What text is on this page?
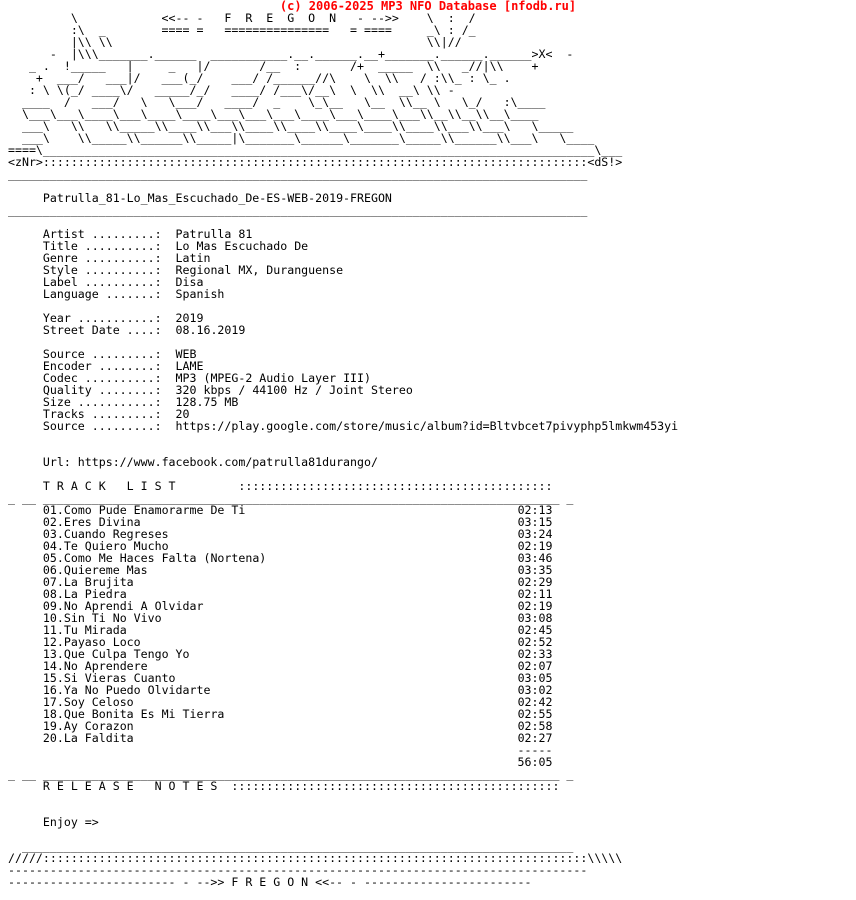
(c) 2006-2025 MP3 NFO Database [nfodb.ru]
\            <<-- -   F  R  E  G  O  N   - -->>    \  :  /
:\  _        ==== =   ===============   = ====     _\ : /_
|\\ \\                                             \\|//
-  |\\\_______.______  ___________.__.______.__+_______.______.______>X<  -
_ .  !_____   |     _   |/       /__  :       /+  _____  \\   _//|\\    +
+  ___/   ___|/   ___(_/    ___/ /______//\    \  \\   / :\\_ : \_ .
: \ \(_/ ____\/   _____/_/   ____/ /___\/__\  \  \\  __\ \\ -
____  /   ___/   \   \___/   ____/  _    \_\__   \__  \\__ \   \_/   :\____
\___\___\____\___\____\____\___\___\___\____\___\____\___\\__\\__\\__\____
___\   \\   \\_____\\____\\___\\____\\____\\____\____\\____\\___\\___\   \_____
___\    \\_____\\______\\_____|\_______\______\_______\_____\\______\\___\   \____
====\_______________________________________________________________________________\___
<zNr>::::::::::::::::::::::::::::::::::::::::::::::::::::::::::::::::::::::::::::::<dS!>
___________________________________________________________________________________

Patrulla_81-Lo_Mas_Escuchado_De-ES-WEB-2019-FREGON
___________________________________________________________________________________

Artist .........: Patrulla 81
Title ..........: Lo Mas Escuchado De
Genre ..........: Latin
Style ..........: Regional MX, Duranguense
Label ..........: Disa
Language .......: Spanish

Year ...........: 2019
Street Date ....: 08.16.2019

Source .........: WEB
Encoder ........: LAME
Codec ..........: MP3 (MPEG-2 Audio Layer III)
Quality ........: 320 kbps / 44100 Hz / Joint Stereo
Size ...........: 128.75 MB
Tracks .........: 20
Source .........: https://play.google.com/store/music/album?id=Bltvbcet7pivyphp5lmkwm453yi

Url: https://www.facebook.com/patrulla81durango/

T R A C K   L I S T	:::::::::::::::::::::::::::::::::::::::::::::
_ __ __________________________________________________________________________ _
01.Como Pude Enamorarme De Ti	02:13
02.Eres Divina	03:15
03.Cuando Regreses	03:24
04.Te Quiero Mucho	02:19
05.Como Me Haces Falta (Nortena)	03:46
06.Quiereme Mas	03:35
07.La Brujita	02:29
08.La Piedra	02:11
09.No Aprendi A Olvidar	02:19
10.Sin Ti No Vivo	03:08
11.Tu Mirada	02:45
12.Payaso Loco	02:52
13.Que Culpa Tengo Yo	02:33
14.No Aprendere	02:07
15.Si Vieras Cuanto	03:05
16.Ya No Puedo Olvidarte	03:02
17.Soy Celoso	02:42
18.Que Bonita Es Mi Tierra	02:55
19.Ay Corazon	02:58
20.La Faldita	02:27
-----
56:05
_ __ __________________________________________________________________________ _
R E L E A S E   N O T E S :::::::::::::::::::::::::::::::::::::::::::::::

Enjoy =>

_______________________________________________________________________________
/////::::::::::::::::::::::::::::::::::::::::::::::::::::::::::::::::::::::::::::::\\\\\
-----------------------------------------------------------------------------------
------------------------ - -->> F R E G O N <<-- - ------------------------
